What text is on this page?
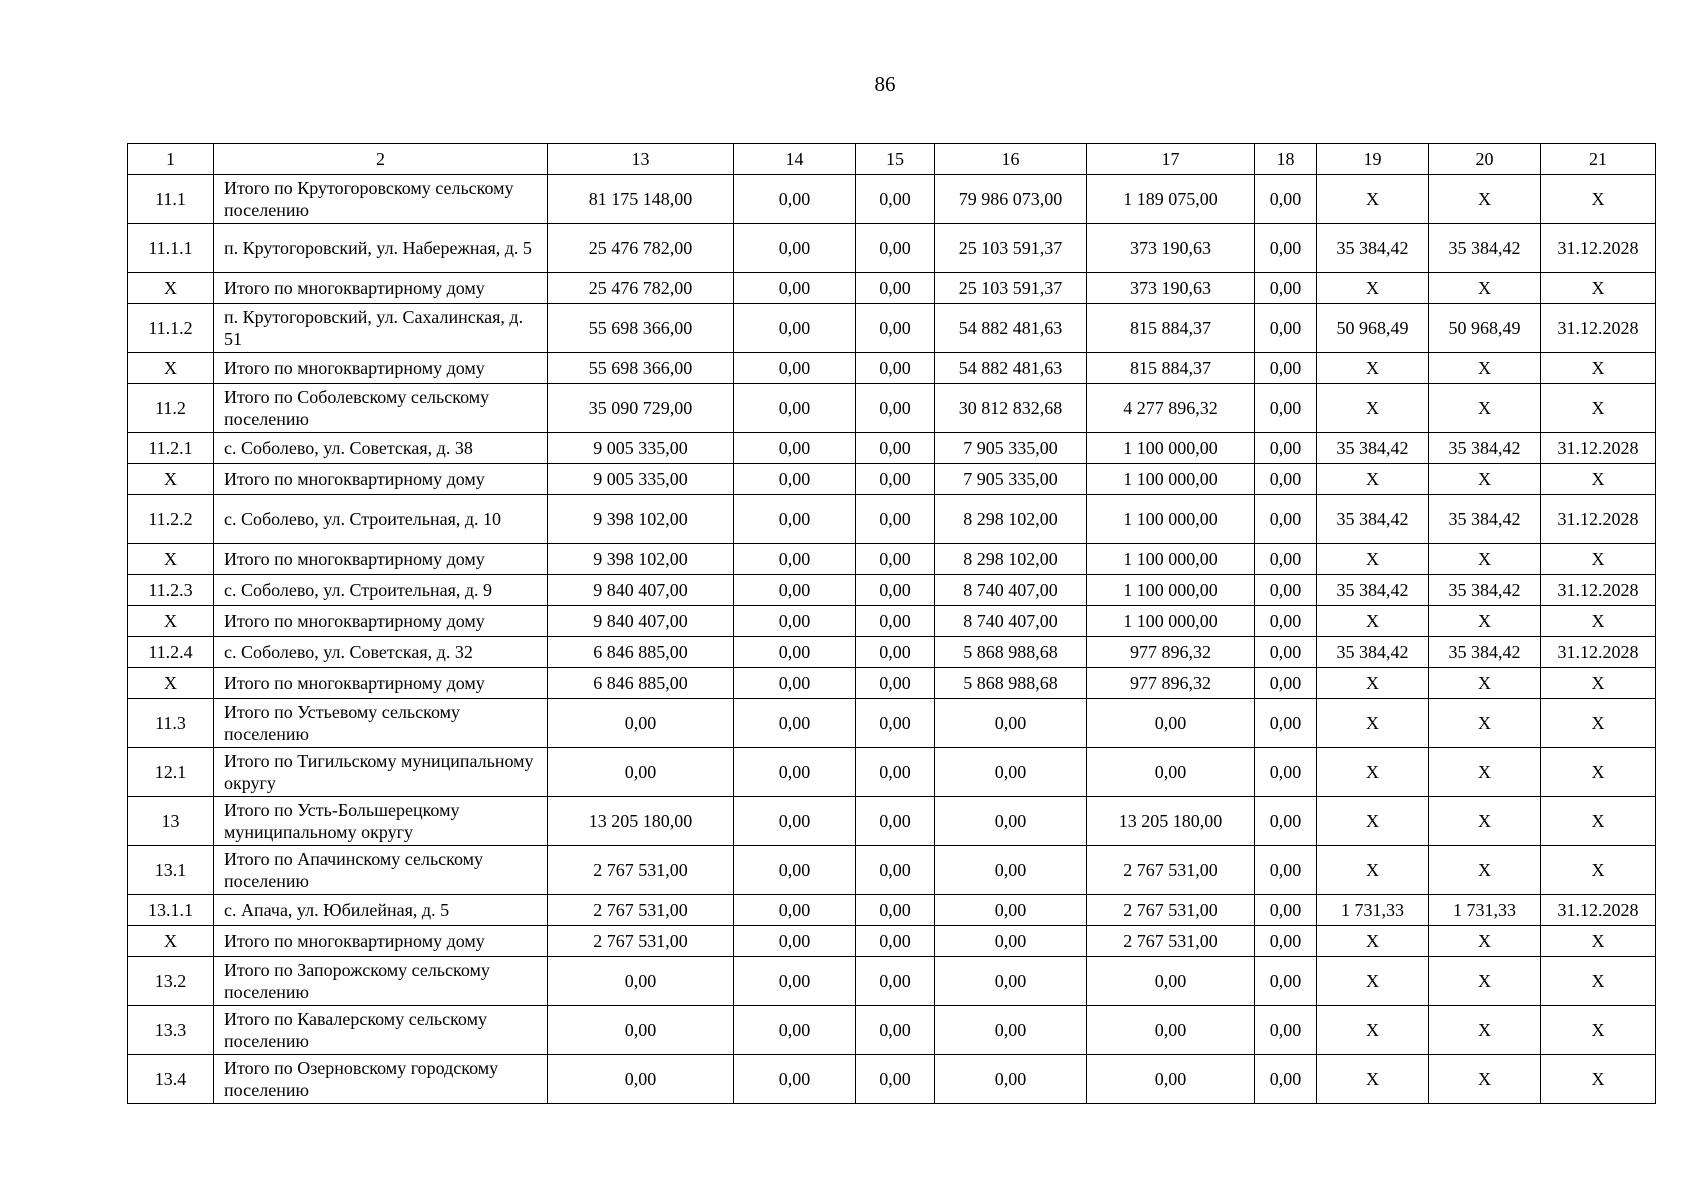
86
1	2	13	14	15	16	17	18	19	20	21
11.1	Итого по Крутогоровскому сельскому поселению	81 175 148,00	0,00	0,00	79 986 073,00	1 189 075,00	0,00	X	X	X
11.1.1	п. Крутогоровский, ул. Набережная, д. 5	25 476 782,00	0,00	0,00	25 103 591,37	373 190,63	0,00	35 384,42	35 384,42	31.12.2028
X	Итого по многоквартирному дому	25 476 782,00	0,00	0,00	25 103 591,37	373 190,63	0,00	X	X	X
11.1.2	п. Крутогоровский, ул. Сахалинская, д. 51	55 698 366,00	0,00	0,00	54 882 481,63	815 884,37	0,00	50 968,49	50 968,49	31.12.2028
X	Итого по многоквартирному дому	55 698 366,00	0,00	0,00	54 882 481,63	815 884,37	0,00	X	X	X
11.2	Итого по Соболевскому сельскому поселению	35 090 729,00	0,00	0,00	30 812 832,68	4 277 896,32	0,00	X	X	X
11.2.1	с. Соболево, ул. Советская, д. 38	9 005 335,00	0,00	0,00	7 905 335,00	1 100 000,00	0,00	35 384,42	35 384,42	31.12.2028
X	Итого по многоквартирному дому	9 005 335,00	0,00	0,00	7 905 335,00	1 100 000,00	0,00	X	X	X
11.2.2	с. Соболево, ул. Строительная, д. 10	9 398 102,00	0,00	0,00	8 298 102,00	1 100 000,00	0,00	35 384,42	35 384,42	31.12.2028
X	Итого по многоквартирному дому	9 398 102,00	0,00	0,00	8 298 102,00	1 100 000,00	0,00	X	X	X
11.2.3	с. Соболево, ул. Строительная, д. 9	9 840 407,00	0,00	0,00	8 740 407,00	1 100 000,00	0,00	35 384,42	35 384,42	31.12.2028
X	Итого по многоквартирному дому	9 840 407,00	0,00	0,00	8 740 407,00	1 100 000,00	0,00	X	X	X
11.2.4	с. Соболево, ул. Советская, д. 32	6 846 885,00	0,00	0,00	5 868 988,68	977 896,32	0,00	35 384,42	35 384,42	31.12.2028
X	Итого по многоквартирному дому	6 846 885,00	0,00	0,00	5 868 988,68	977 896,32	0,00	X	X	X
11.3	Итого по Устьевому сельскому поселению	0,00	0,00	0,00	0,00	0,00	0,00	X	X	X
12.1	Итого по Тигильскому муниципальному округу	0,00	0,00	0,00	0,00	0,00	0,00	X	X	X
13	Итого по Усть-Большерецкому муниципальному округу	13 205 180,00	0,00	0,00	0,00	13 205 180,00	0,00	X	X	X
13.1	Итого по Апачинскому сельскому поселению	2 767 531,00	0,00	0,00	0,00	2 767 531,00	0,00	X	X	X
13.1.1	с. Апача, ул. Юбилейная, д. 5	2 767 531,00	0,00	0,00	0,00	2 767 531,00	0,00	1 731,33	1 731,33	31.12.2028
X	Итого по многоквартирному дому	2 767 531,00	0,00	0,00	0,00	2 767 531,00	0,00	X	X	X
13.2	Итого по Запорожскому сельскому поселению	0,00	0,00	0,00	0,00	0,00	0,00	X	X	X
13.3	Итого по Кавалерскому сельскому поселению	0,00	0,00	0,00	0,00	0,00	0,00	X	X	X
13.4	Итого по Озерновскому городскому поселению	0,00	0,00	0,00	0,00	0,00	0,00	X	X	X
